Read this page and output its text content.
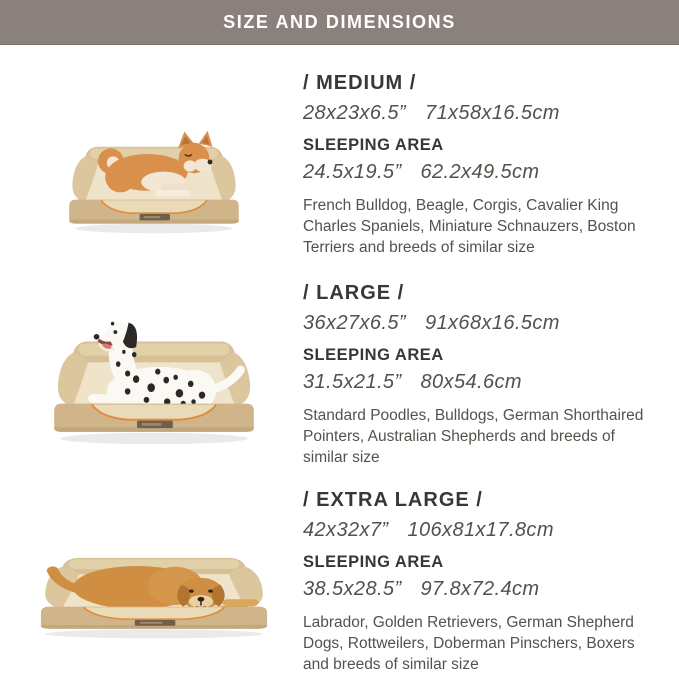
SIZE AND DIMENSIONS
/ MEDIUM /

28x23x6.5” 71x58x16.5cm

SLEEPING AREA

24.5x19.5” 62.2x49.5cm

French Bulldog, Beagle, Corgis, Cavalier King Charles Spaniels, Miniature Schnauzers, Boston Terriers and breeds of similar size

/ LARGE /

36x27x6.5” 91x68x16.5cm

SLEEPING AREA

31.5x21.5” 80x54.6cm

Standard Poodles, Bulldogs, German Shorthaired Pointers, Australian Shepherds and breeds of similar size

/ EXTRA LARGE /

42x32x7” 106x81x17.8cm

SLEEPING AREA

38.5x28.5” 97.8x72.4cm

Labrador, Golden Retrievers, German Shepherd Dogs, Rottweilers, Doberman Pinschers, Boxers and breeds of similar size
